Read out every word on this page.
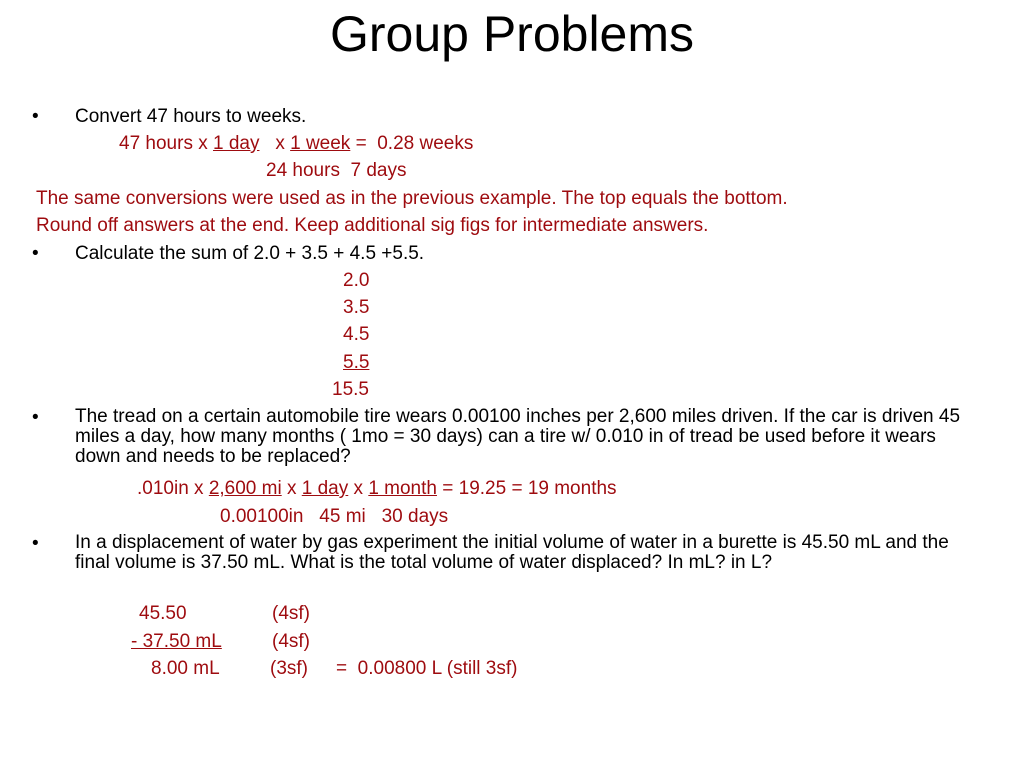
Group Problems
• Convert 47 hours to weeks.
47 hours x 1 day   x 1 week =  0.28 weeks
24 hours  7 days
The same conversions were used as in the previous example. The top equals the bottom.
Round off answers at the end. Keep additional sig figs for intermediate answers.
• Calculate the sum of 2.0 + 3.5 + 4.5 +5.5.
2.0
3.5
4.5
5.5
15.5
• The tread on a certain automobile tire wears 0.00100 inches per 2,600 miles driven. If the car is driven 45 miles a day, how many months ( 1mo = 30 days) can a tire w/ 0.010 in of tread be used before it wears down and needs to be replaced?
.010in x 2,600 mi x 1 day x 1 month = 19.25 = 19 months
0.00100in   45 mi   30 days
• In a displacement of water by gas experiment the initial volume of water in a burette is 45.50 mL and the final volume is 37.50 mL. What is the total volume of water displaced? In mL? in L?
45.50	(4sf)
- 37.50 mL	(4sf)
8.00 mL	(3sf) =  0.00800 L (still 3sf)
